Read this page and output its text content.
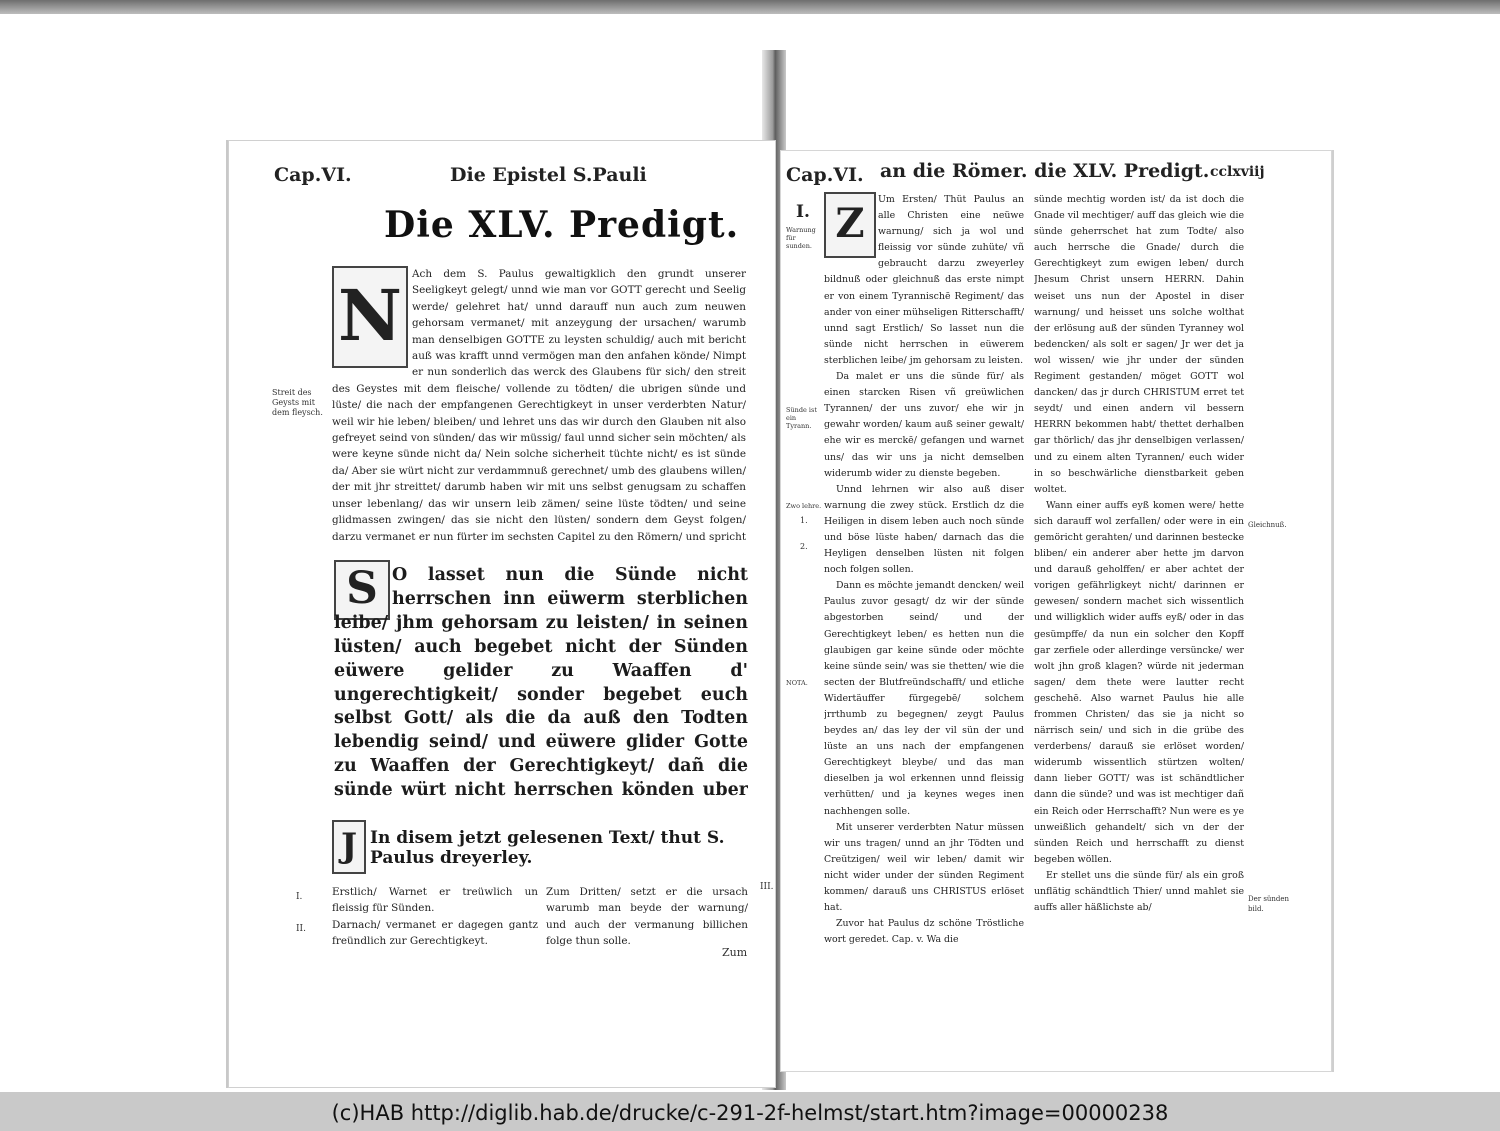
Cap.VI.	Die Epistel S.Pauli
Die XLV. Predigt.
N Ach dem S. Paulus gewaltigklich den grundt unserer Seeligkeyt gelegt/ unnd wie man vor GOTT gerecht und Seelig werde/ gelehret hat/ unnd darauff nun auch zum neuwen gehorsam vermanet/ mit anzeygung der ursachen/ warumb man denselbigen GOTTE zu leysten schuldig/ auch mit bericht auß was krafft unnd vermögen man den anfahen könde/ Nimpt er nun sonderlich das werck des Glaubens für sich/ den streit des Geystes mit dem fleische/ vollende zu tödten/ die ubrigen sünde und lüste/ die nach der empfangenen Gerechtigkeyt in unser verderbten Natur/ weil wir hie leben/ bleiben/ und lehret uns das wir durch den Glauben nit also gefreyet seind von sünden/ das wir müssig/ faul unnd sicher sein möchten/ als were keyne sünde nicht da/ Nein solche sicherheit tüchte nicht/ es ist sünde da/ Aber sie würt nicht zur verdammnuß gerechnet/ umb des glaubens willen/ der mit jhr streittet/ darumb haben wir mit uns selbst genugsam zu schaffen unser lebenlang/ das wir unsern leib zämen/ seine lüste tödten/ und seine glidmassen zwingen/ das sie nicht den lüsten/ sondern dem Geyst folgen/ darzu vermanet er nun fürter im sechsten Capitel zu den Römern/ und spricht
Streit des Geysts mit dem fleysch.
S O lasset nun die Sünde nicht herrschen inn eüwerm sterblichen leibe/ jhm gehorsam zu leisten/ in seinen lüsten/ auch begebet nicht der Sünden eüwere gelider zu Waaffen d' ungerechtigkeit/ sonder begebet euch selbst Gott/ als die da auß den Todten lebendig seind/ und eüwere glider Gotte zu Waaffen der Gerechtigkeyt/ dañ die sünde würt nicht herrschen könden uber
J In disem jetzt gelesenen Text/ thut S. Paulus dreyerley.
I.
II.
Erstlich/ Warnet er treüwlich un fleissig für Sünden.
Darnach/ vermanet er dagegen gantz freündlich zur Gerechtigkeyt.
Zum Dritten/ setzt er die ursach warumb man beyde der warnung/ und auch der vermanung billichen folge thun solle.
III.
Zum
Cap.VI. an die Römer. die XLV. Predigt. cclxviij
I.
Warnung für sunden.
Sünde ist ein Tyrann.
Zwo lehre.
1.
2.
NOTA.
Z

Um Ersten/ Thüt Paulus an alle Christen eine neüwe warnung/ sich ja wol und fleissig vor sünde zuhüte/ vñ gebraucht darzu zweyerley bildnuß oder gleichnuß das erste nimpt er von einem Tyrannischē Regiment/ das ander von einer mühseligen Ritterschafft/ unnd sagt Erstlich/ So lasset nun die sünde nicht herrschen in eüwerem sterblichen leibe/ jm gehorsam zu leisten.

Da malet er uns die sünde für/ als einen starcken Risen vñ greüwlichen Tyrannen/ der uns zuvor/ ehe wir jn gewahr worden/ kaum auß seiner gewalt/ ehe wir es merckē/ gefangen und warnet uns/ das wir uns ja nicht demselben widerumb wider zu dienste begeben.

Unnd lehrnen wir also auß diser warnung die zwey stück. Erstlich dz die Heiligen in disem leben auch noch sünde und böse lüste haben/ darnach das die Heyligen denselben lüsten nit folgen noch folgen sollen.

Dann es möchte jemandt dencken/ weil Paulus zuvor gesagt/ dz wir der sünde abgestorben seind/ und der Gerechtigkeyt leben/ es hetten nun die glaubigen gar keine sünde oder möchte keine sünde sein/ was sie thetten/ wie die secten der Blutfreündschafft/ und etliche Widertäuffer fürgegebē/ solchem jrrthumb zu begegnen/ zeygt Paulus beydes an/ das ley der vil sün der und lüste an uns nach der empfangenen Gerechtigkeyt bleybe/ und das man dieselben ja wol erkennen unnd fleissig verhütten/ und ja keynes weges inen nachhengen solle.

Mit unserer verderbten Natur müssen wir uns tragen/ unnd an jhr Tödten und Creützigen/ weil wir leben/ damit wir nicht wider under der sünden Regiment kommen/ darauß uns CHRISTUS erlöset hat.

Zuvor hat Paulus dz schöne Tröstliche wort geredet. Cap. v. Wa die

sünde mechtig worden ist/ da ist doch die Gnade vil mechtiger/ auff das gleich wie die sünde geherrschet hat zum Todte/ also auch herrsche die Gnade/ durch die Gerechtigkeyt zum ewigen leben/ durch Jhesum Christ unsern HERRN. Dahin weiset uns nun der Apostel in diser warnung/ und heisset uns solche wolthat der erlösung auß der sünden Tyranney wol bedencken/ als solt er sagen/ Jr wer det ja wol wissen/ wie jhr under der sünden Regiment gestanden/ möget GOTT wol dancken/ das jr durch CHRISTUM erret tet seydt/ und einen andern vil bessern HERRN bekommen habt/ thettet derhalben gar thörlich/ das jhr denselbigen verlassen/ und zu einem alten Tyrannen/ euch wider in so beschwärliche dienstbarkeit geben woltet.

Wann einer auffs eyß komen were/ hette sich darauff wol zerfallen/ oder were in ein gemöricht gerahten/ und darinnen bestecke bliben/ ein anderer aber hette jm darvon und darauß geholffen/ er aber achtet der vorigen gefährligkeyt nicht/ darinnen er gewesen/ sondern machet sich wissentlich und willigklich wider auffs eyß/ oder in das gesümpffe/ da nun ein solcher den Kopff gar zerfiele oder allerdinge versüncke/ wer wolt jhn groß klagen? würde nit jederman sagen/ dem thete were lautter recht geschehē. Also warnet Paulus hie alle frommen Christen/ das sie ja nicht so närrisch sein/ und sich in die grübe des verderbens/ darauß sie erlöset worden/ widerumb wissentlich stürtzen wolten/ dann lieber GOTT/ was ist schändtlicher dann die sünde? und was ist mechtiger dañ ein Reich oder Herrschafft? Nun were es ye unweißlich gehandelt/ sich vn der der sünden Reich und herrschafft zu dienst begeben wöllen.

Er stellet uns die sünde für/ als ein groß unflätig schändtlich Thier/ unnd mahlet sie auffs aller häßlichste ab/

Gleichnuß.
Der sünden bild.
(c)HAB http://diglib.hab.de/drucke/c-291-2f-helmst/start.htm?image=00000238
